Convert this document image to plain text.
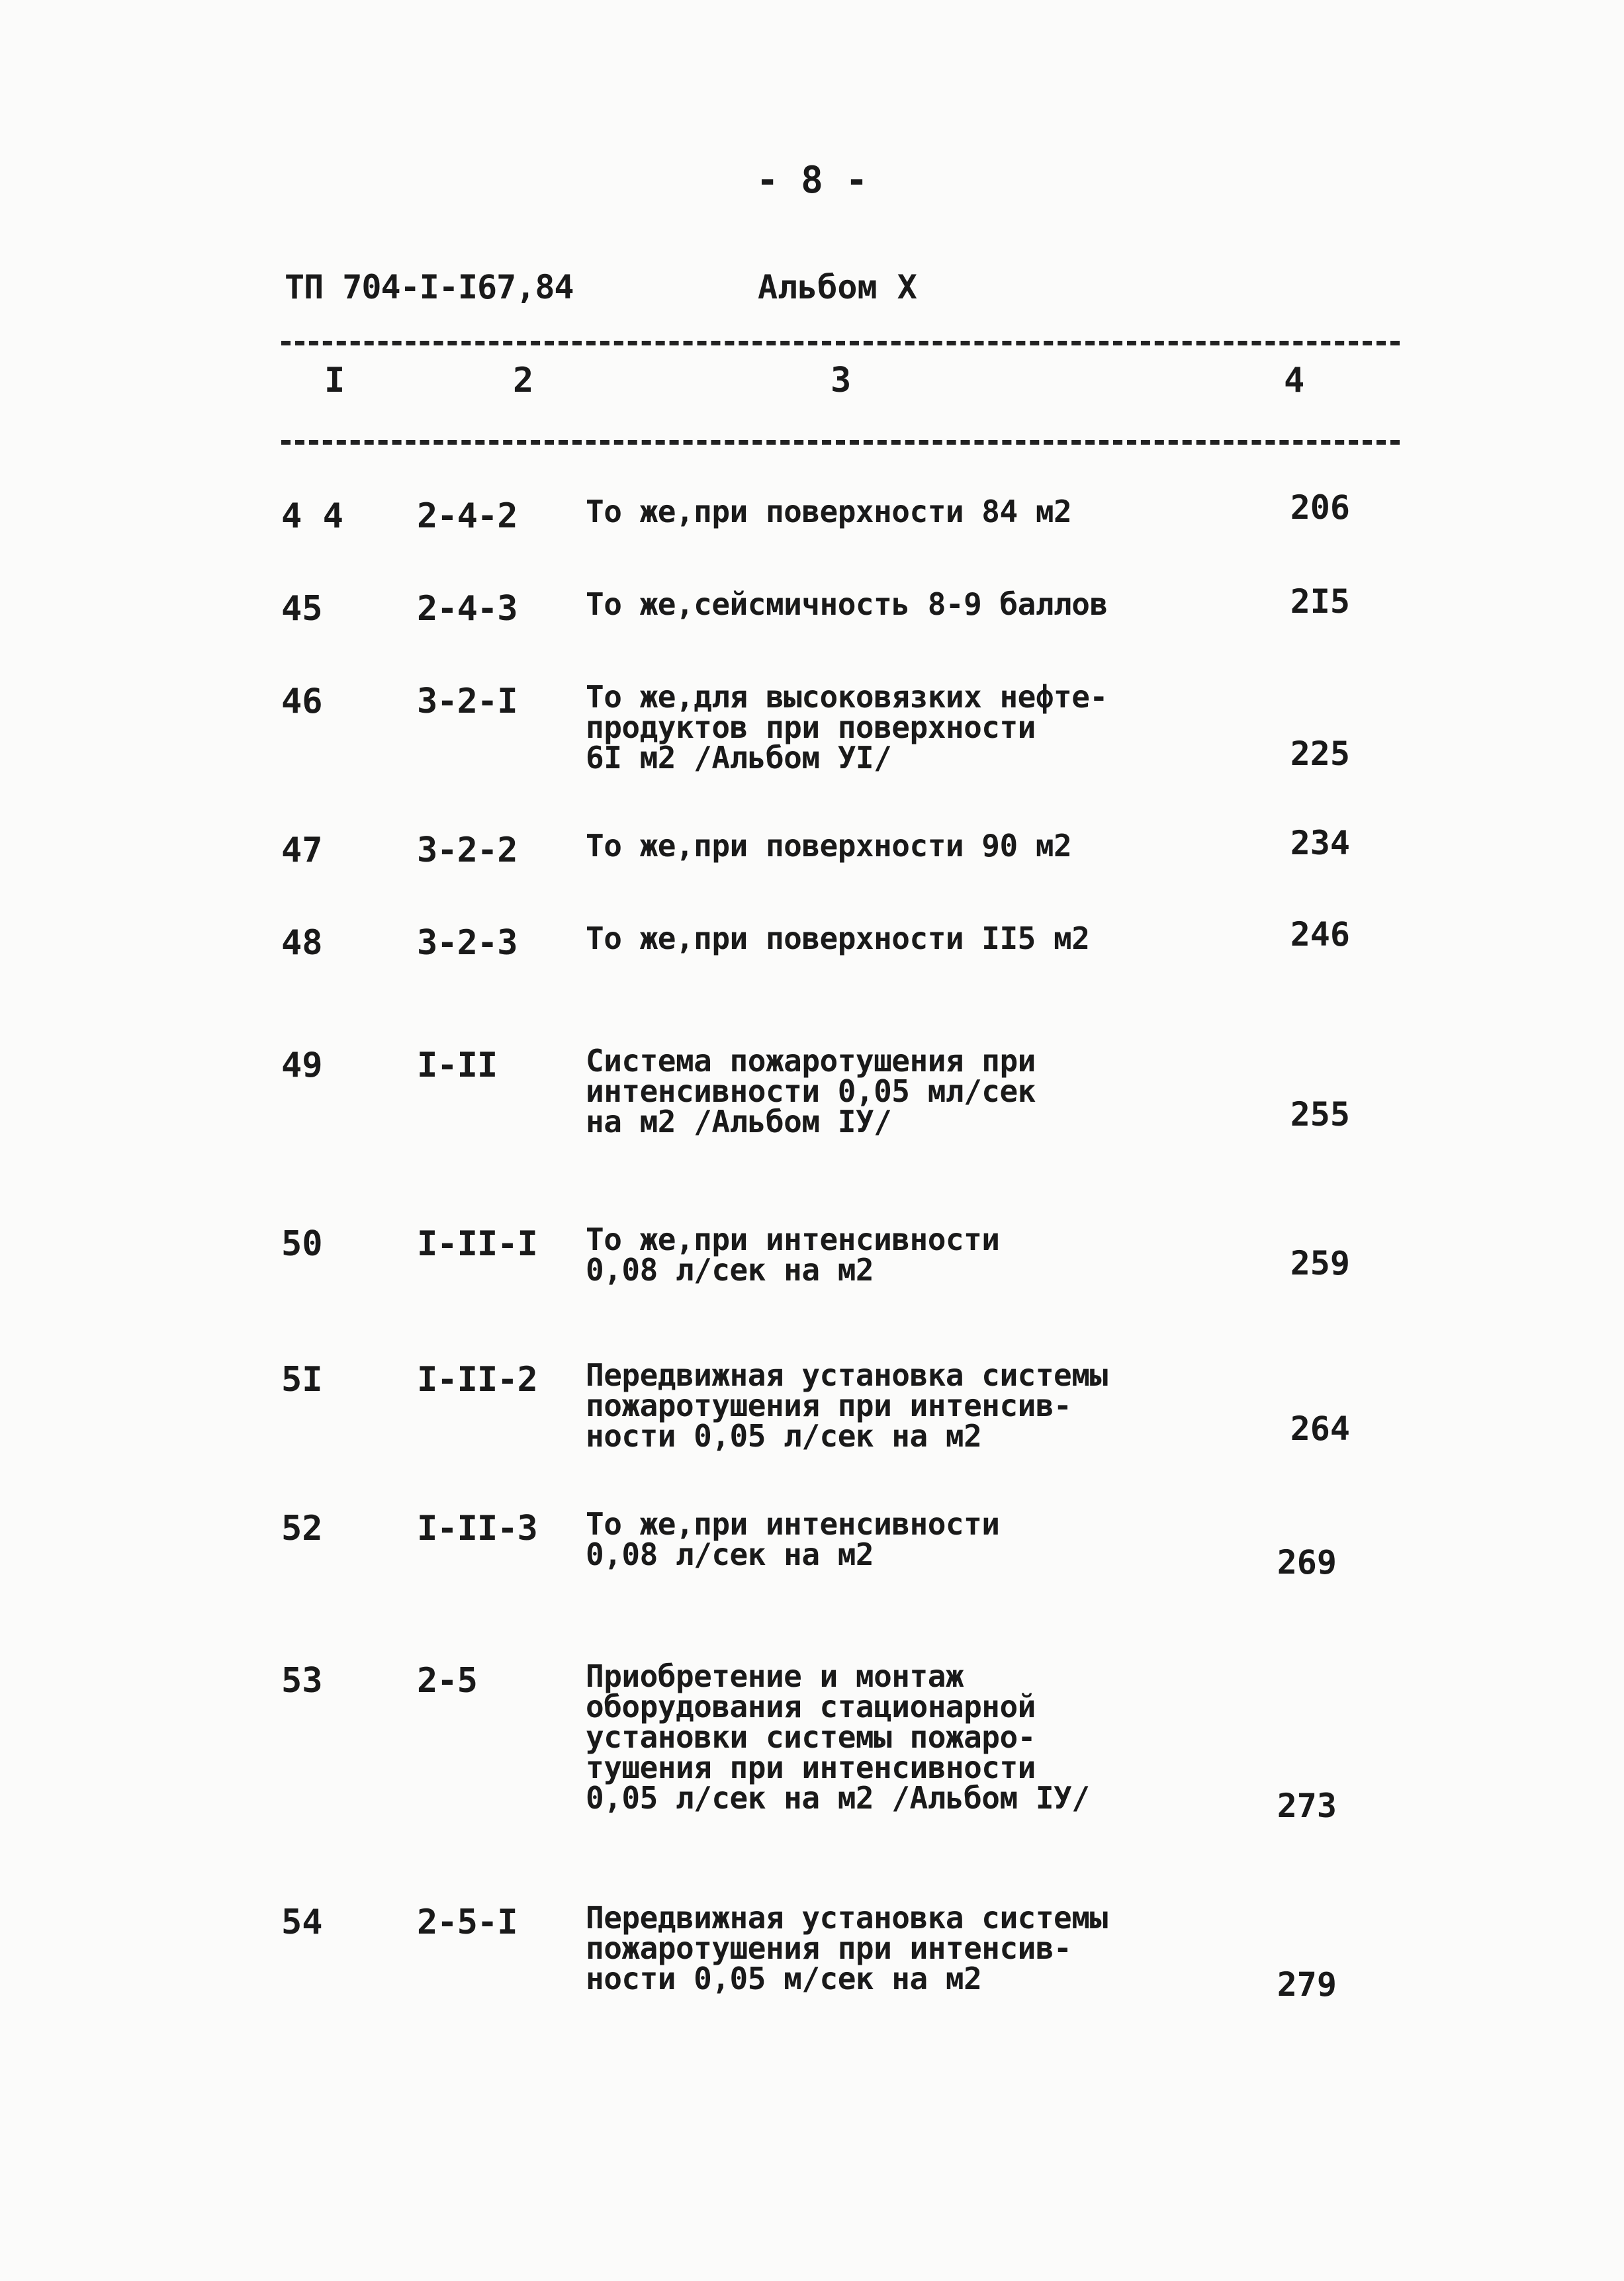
- 8 -
ТП 704-I-I67,84	Альбом X
I	2	3	4
4 4 2-4-2 То же,при поверхности 84 м2	206
45	2-4-3 То же,сейсмичность 8-9 баллов	2I5
46	3-2-I То же,для высоковязких нефте-
продуктов при поверхности
6I м2 /Альбом УI/	225
47	3-2-2 То же,при поверхности 90 м2	234
48	3-2-3 То же,при поверхности II5 м2	246
49	I-II	Система пожаротушения при
интенсивности 0,05 мл/сек
на м2 /Альбом IУ/	255
50	I-II-I То же,при интенсивности
0,08 л/сек на м2	259
5I	I-II-2 Передвижная установка системы
пожаротушения при интенсив-
ности 0,05 л/сек на м2	264
52	I-II-3 То же,при интенсивности
0,08 л/сек на м2	269
53	2-5	Приобретение и монтаж
оборудования стационарной
установки системы пожаро-
тушения при интенсивности
0,05 л/сек на м2 /Альбом IУ/	273
54	2-5-I Передвижная установка системы
пожаротушения при интенсив-
ности 0,05 м/сек на м2	279
